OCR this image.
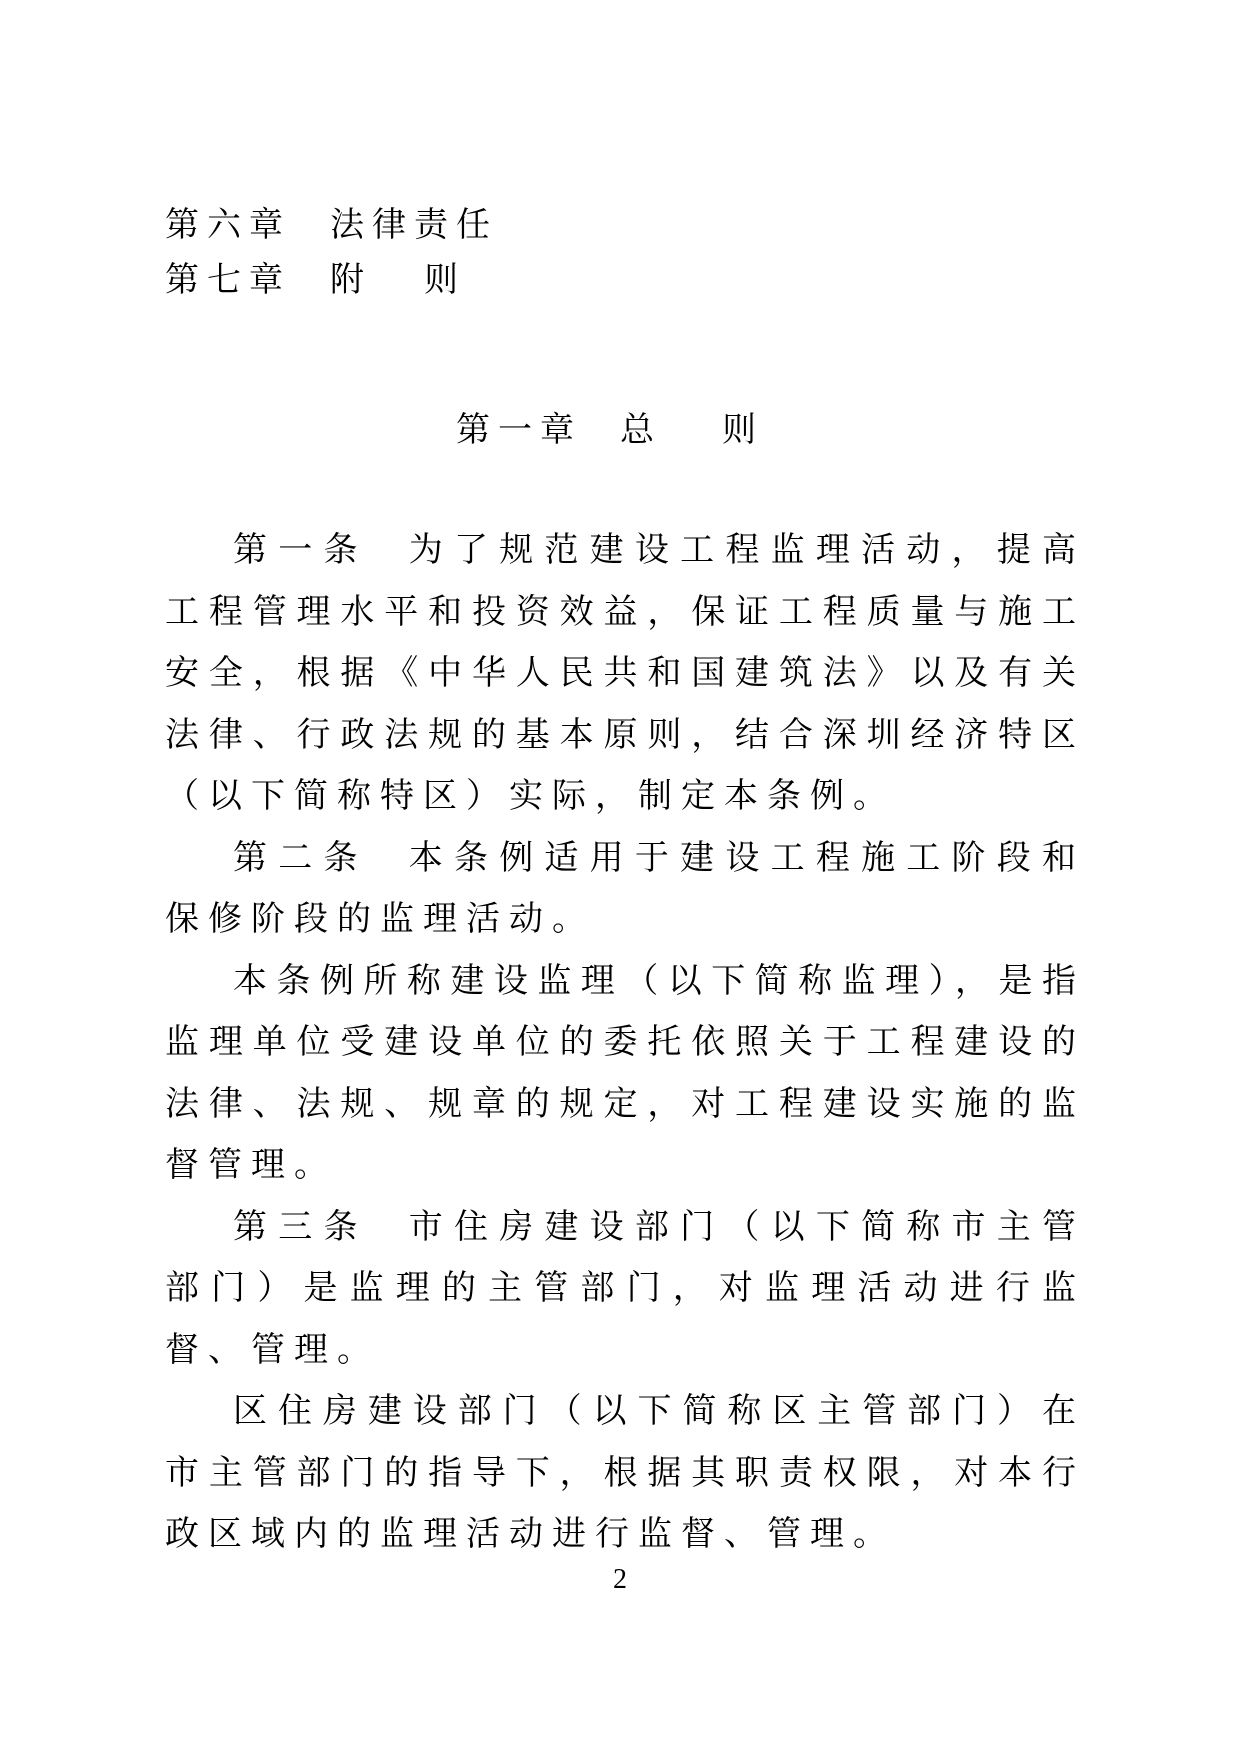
第六章 法律责任
第七章 附则
第一章 总则

第一条 为了规范建设工程监理活动，提高工程管理水平和投资效益，保证工程质量与施工安全，根据《中华人民共和国建筑法》以及有关法律、行政法规的基本原则，结合深圳经济特区（以下简称特区）实际，制定本条例。

第二条 本条例适用于建设工程施工阶段和保修阶段的监理活动。

本条例所称建设监理（以下简称监理），是指监理单位受建设单位的委托依照关于工程建设的法律、法规、规章的规定，对工程建设实施的监督管理。

第三条 市住房建设部门（以下简称市主管部门）是监理的主管部门，对监理活动进行监督、管理。

区住房建设部门（以下简称区主管部门）在市主管部门的指导下，根据其职责权限，对本行政区域内的监理活动进行监督、管理。

2
